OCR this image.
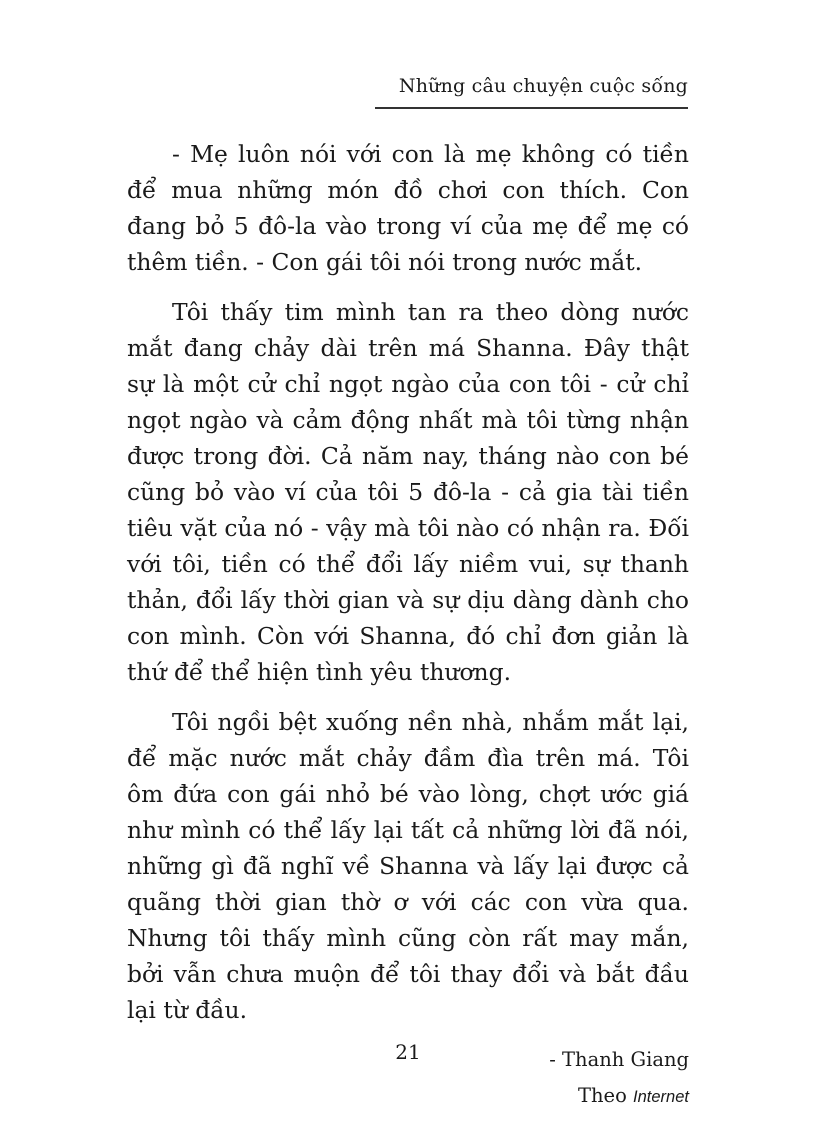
Những câu chuyện cuộc sống

- Mẹ luôn nói với con là mẹ không có tiền để mua những món đồ chơi con thích. Con đang bỏ 5 đô-la vào trong ví của mẹ để mẹ có thêm tiền. - Con gái tôi nói trong nước mắt.

Tôi thấy tim mình tan ra theo dòng nước mắt đang chảy dài trên má Shanna. Đây thật sự là một cử chỉ ngọt ngào của con tôi - cử chỉ ngọt ngào và cảm động nhất mà tôi từng nhận được trong đời. Cả năm nay, tháng nào con bé cũng bỏ vào ví của tôi 5 đô-la - cả gia tài tiền tiêu vặt của nó - vậy mà tôi nào có nhận ra. Đối với tôi, tiền có thể đổi lấy niềm vui, sự thanh thản, đổi lấy thời gian và sự dịu dàng dành cho con mình. Còn với Shanna, đó chỉ đơn giản là thứ để thể hiện tình yêu thương.

Tôi ngồi bệt xuống nền nhà, nhắm mắt lại, để mặc nước mắt chảy đầm đìa trên má. Tôi ôm đứa con gái nhỏ bé vào lòng, chợt ước giá như mình có thể lấy lại tất cả những lời đã nói, những gì đã nghĩ về Shanna và lấy lại được cả quãng thời gian thờ ơ với các con vừa qua. Nhưng tôi thấy mình cũng còn rất may mắn, bởi vẫn chưa muộn để tôi thay đổi và bắt đầu lại từ đầu.

- Thanh Giang

Theo Internet

21
